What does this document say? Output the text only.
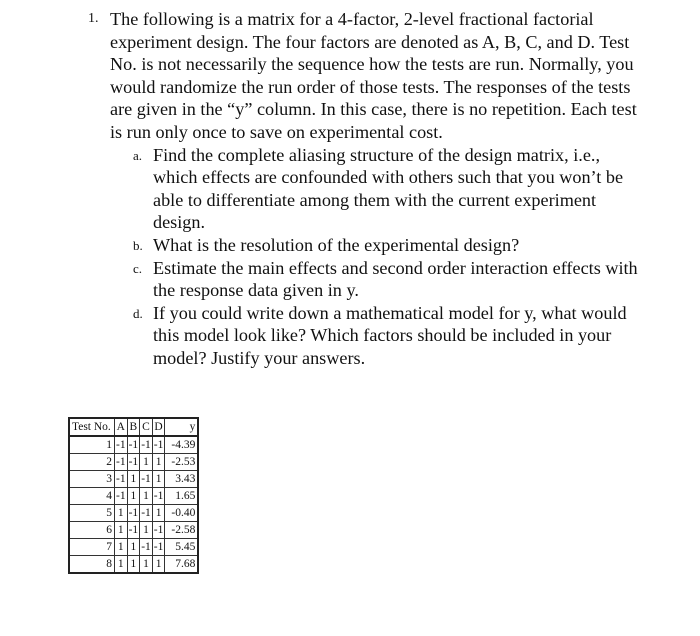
1. The following is a matrix for a 4-factor, 2-level fractional factorial experiment design. The four factors are denoted as A, B, C, and D. Test No. is not necessarily the sequence how the tests are run. Normally, you would randomize the run order of those tests. The responses of the tests are given in the “y” column. In this case, there is no repetition. Each test is run only once to save on experimental cost.
a. Find the complete aliasing structure of the design matrix, i.e., which effects are confounded with others such that you won’t be able to differentiate among them with the current experiment design.
b. What is the resolution of the experimental design?
c. Estimate the main effects and second order interaction effects with the response data given in y.
d. If you could write down a mathematical model for y, what would this model look like? Which factors should be included in your model? Justify your answers.
Test No.	A	B	C	D	y
1	-1	-1	-1	-1	-4.39
2	-1	-1	1	1	-2.53
3	-1	1	-1	1	3.43
4	-1	1	1	-1	1.65
5	1	-1	-1	1	-0.40
6	1	-1	1	-1	-2.58
7	1	1	-1	-1	5.45
8	1	1	1	1	7.68
